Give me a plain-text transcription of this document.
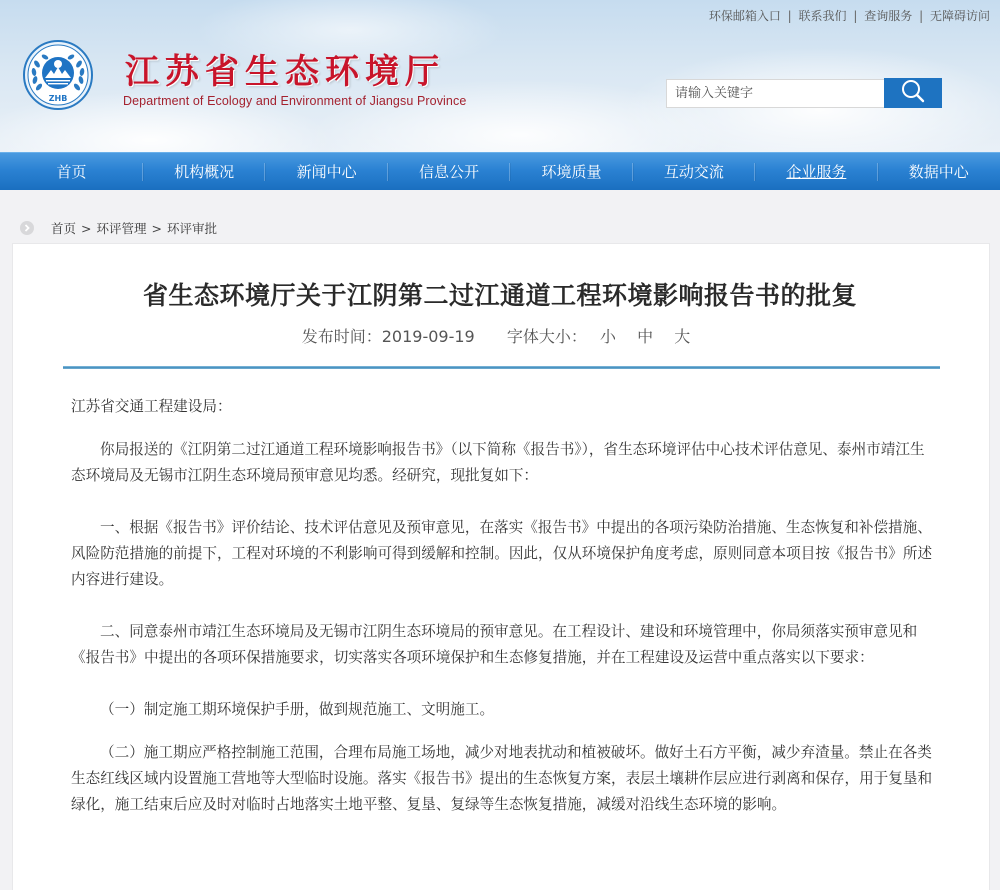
环保邮箱入口 | 联系我们 | 查询服务 | 无障碍访问
ZHB
江苏省生态环境厅
Department of Ecology and Environment of Jiangsu Province
请输入关键字
首页	机构概况	新闻中心	信息公开	环境质量	互动交流	企业服务	数据中心
首页 > 环评管理 > 环评审批
省生态环境厅关于江阴第二过江通道工程环境影响报告书的批复
发布时间：2019-09-19 字体大小： 小 中 大

江苏省交通工程建设局：

你局报送的《江阴第二过江通道工程环境影响报告书》（以下简称《报告书》），省生态环境评估中心技术评估意见、泰州市靖江生态环境局及无锡市江阴生态环境局预审意见均悉。经研究，现批复如下：

一、根据《报告书》评价结论、技术评估意见及预审意见，在落实《报告书》中提出的各项污染防治措施、生态恢复和补偿措施、风险防范措施的前提下，工程对环境的不利影响可得到缓解和控制。因此，仅从环境保护角度考虑，原则同意本项目按《报告书》所述内容进行建设。

二、同意泰州市靖江生态环境局及无锡市江阴生态环境局的预审意见。在工程设计、建设和环境管理中，你局须落实预审意见和《报告书》中提出的各项环保措施要求，切实落实各项环境保护和生态修复措施，并在工程建设及运营中重点落实以下要求：

（一）制定施工期环境保护手册，做到规范施工、文明施工。

（二）施工期应严格控制施工范围，合理布局施工场地，减少对地表扰动和植被破坏。做好土石方平衡，减少弃渣量。禁止在各类生态红线区域内设置施工营地等大型临时设施。落实《报告书》提出的生态恢复方案，表层土壤耕作层应进行剥离和保存，用于复垦和绿化，施工结束后应及时对临时占地落实土地平整、复垦、复绿等生态恢复措施，减缓对沿线生态环境的影响。
